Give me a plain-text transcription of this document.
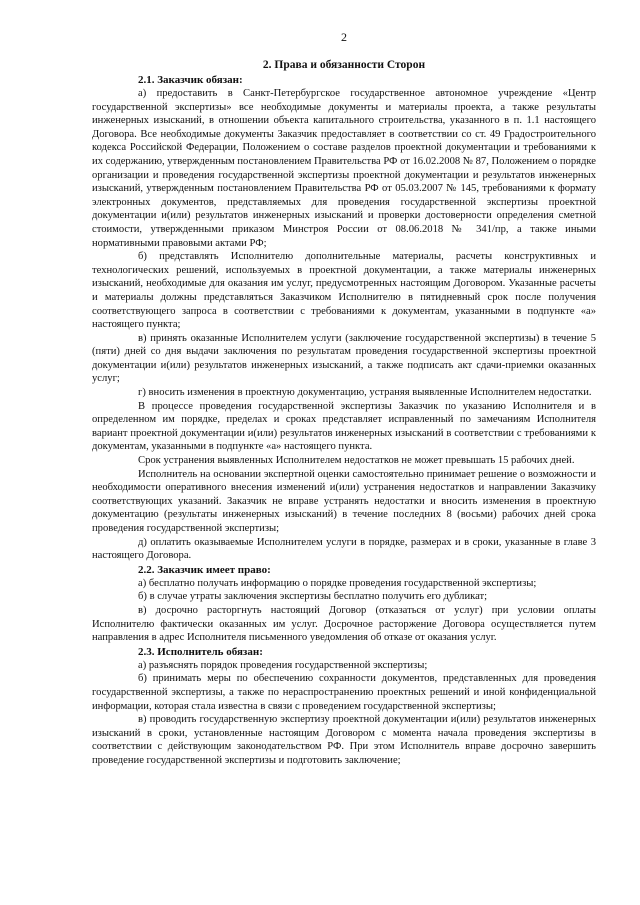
2
2. Права и обязанности Сторон
2.1. Заказчик обязан:

а) предоставить в Санкт-Петербургское государственное автономное учреждение «Центр государственной экспертизы» все необходимые документы и материалы проекта, а также результаты инженерных изысканий, в отношении объекта капитального строительства, указанного в п. 1.1 настоящего Договора. Все необходимые документы Заказчик предоставляет в соответствии со ст. 49 Градостроительного кодекса Российской Федерации, Положением о составе разделов проектной документации и требованиями к их содержанию, утвержденным постановлением Правительства РФ от 16.02.2008 № 87, Положением о порядке организации и проведения государственной экспертизы проектной документации и результатов инженерных изысканий, утвержденным постановлением Правительства РФ от 05.03.2007 № 145, требованиями к формату электронных документов, представляемых для проведения государственной экспертизы проектной документации и(или) результатов инженерных изысканий и проверки достоверности определения сметной стоимости, утвержденными приказом Минстроя России от 08.06.2018 № 341/пр, а также иными нормативными правовыми актами РФ;

б) представлять Исполнителю дополнительные материалы, расчеты конструктивных и технологических решений, используемых в проектной документации, а также материалы инженерных изысканий, необходимые для оказания им услуг, предусмотренных настоящим Договором. Указанные расчеты и материалы должны представляться Заказчиком Исполнителю в пятидневный срок после получения соответствующего запроса в соответствии с требованиями к документам, указанными в подпункте «а» настоящего пункта;

в) принять оказанные Исполнителем услуги (заключение государственной экспертизы) в течение 5 (пяти) дней со дня выдачи заключения по результатам проведения государственной экспертизы проектной документации и(или) результатов инженерных изысканий, а также подписать акт сдачи-приемки оказанных услуг;

г) вносить изменения в проектную документацию, устраняя выявленные Исполнителем недостатки.

В процессе проведения государственной экспертизы Заказчик по указанию Исполнителя и в определенном им порядке, пределах и сроках представляет исправленный по замечаниям Исполнителя вариант проектной документации и(или) результатов инженерных изысканий в соответствии с требованиями к документам, указанными в подпункте «а» настоящего пункта.

Срок устранения выявленных Исполнителем недостатков не может превышать 15 рабочих дней.

Исполнитель на основании экспертной оценки самостоятельно принимает решение о возможности и необходимости оперативного внесения изменений и(или) устранения недостатков и направлении Заказчику соответствующих указаний. Заказчик не вправе устранять недостатки и вносить изменения в проектную документацию (результаты инженерных изысканий) в течение последних 8 (восьми) рабочих дней срока проведения государственной экспертизы;

д) оплатить оказываемые Исполнителем услуги в порядке, размерах и в сроки, указанные в главе 3 настоящего Договора.

2.2. Заказчик имеет право:

а) бесплатно получать информацию о порядке проведения государственной экспертизы;

б) в случае утраты заключения экспертизы бесплатно получить его дубликат;

в) досрочно расторгнуть настоящий Договор (отказаться от услуг) при условии оплаты Исполнителю фактически оказанных им услуг. Досрочное расторжение Договора осуществляется путем направления в адрес Исполнителя письменного уведомления об отказе от оказания услуг.

2.3. Исполнитель обязан:

а) разъяснять порядок проведения государственной экспертизы;

б) принимать меры по обеспечению сохранности документов, представленных для проведения государственной экспертизы, а также по нераспространению проектных решений и иной конфиденциальной информации, которая стала известна в связи с проведением государственной экспертизы;

в) проводить государственную экспертизу проектной документации и(или) результатов инженерных изысканий в сроки, установленные настоящим Договором с момента начала проведения экспертизы в соответствии с действующим законодательством РФ. При этом Исполнитель вправе досрочно завершить проведение государственной экспертизы и подготовить заключение;
